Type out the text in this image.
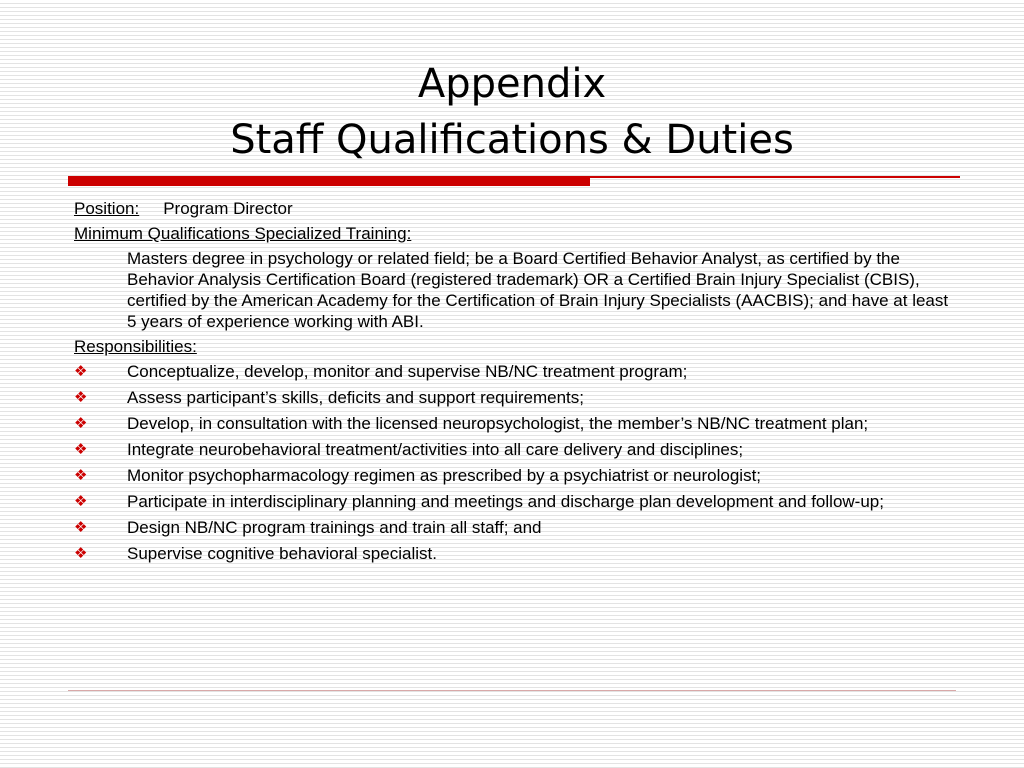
Appendix
Staff Qualifications & Duties
Position: Program Director
Minimum Qualifications Specialized Training:
Masters degree in psychology or related field; be a Board Certified Behavior Analyst, as certified by the Behavior Analysis Certification Board (registered trademark) OR a Certified Brain Injury Specialist (CBIS), certified by the American Academy for the Certification of Brain Injury Specialists (AACBIS); and have at least 5 years of experience working with ABI.
Responsibilities:
❖ Conceptualize, develop, monitor and supervise NB/NC treatment program;
❖ Assess participant’s skills, deficits and support requirements;
❖ Develop, in consultation with the licensed neuropsychologist, the member’s NB/NC treatment plan;
❖ Integrate neurobehavioral treatment/activities into all care delivery and disciplines;
❖ Monitor psychopharmacology regimen as prescribed by a psychiatrist or neurologist;
❖ Participate in interdisciplinary planning and meetings and discharge plan development and follow-up;
❖ Design NB/NC program trainings and train all staff; and
❖ Supervise cognitive behavioral specialist.
